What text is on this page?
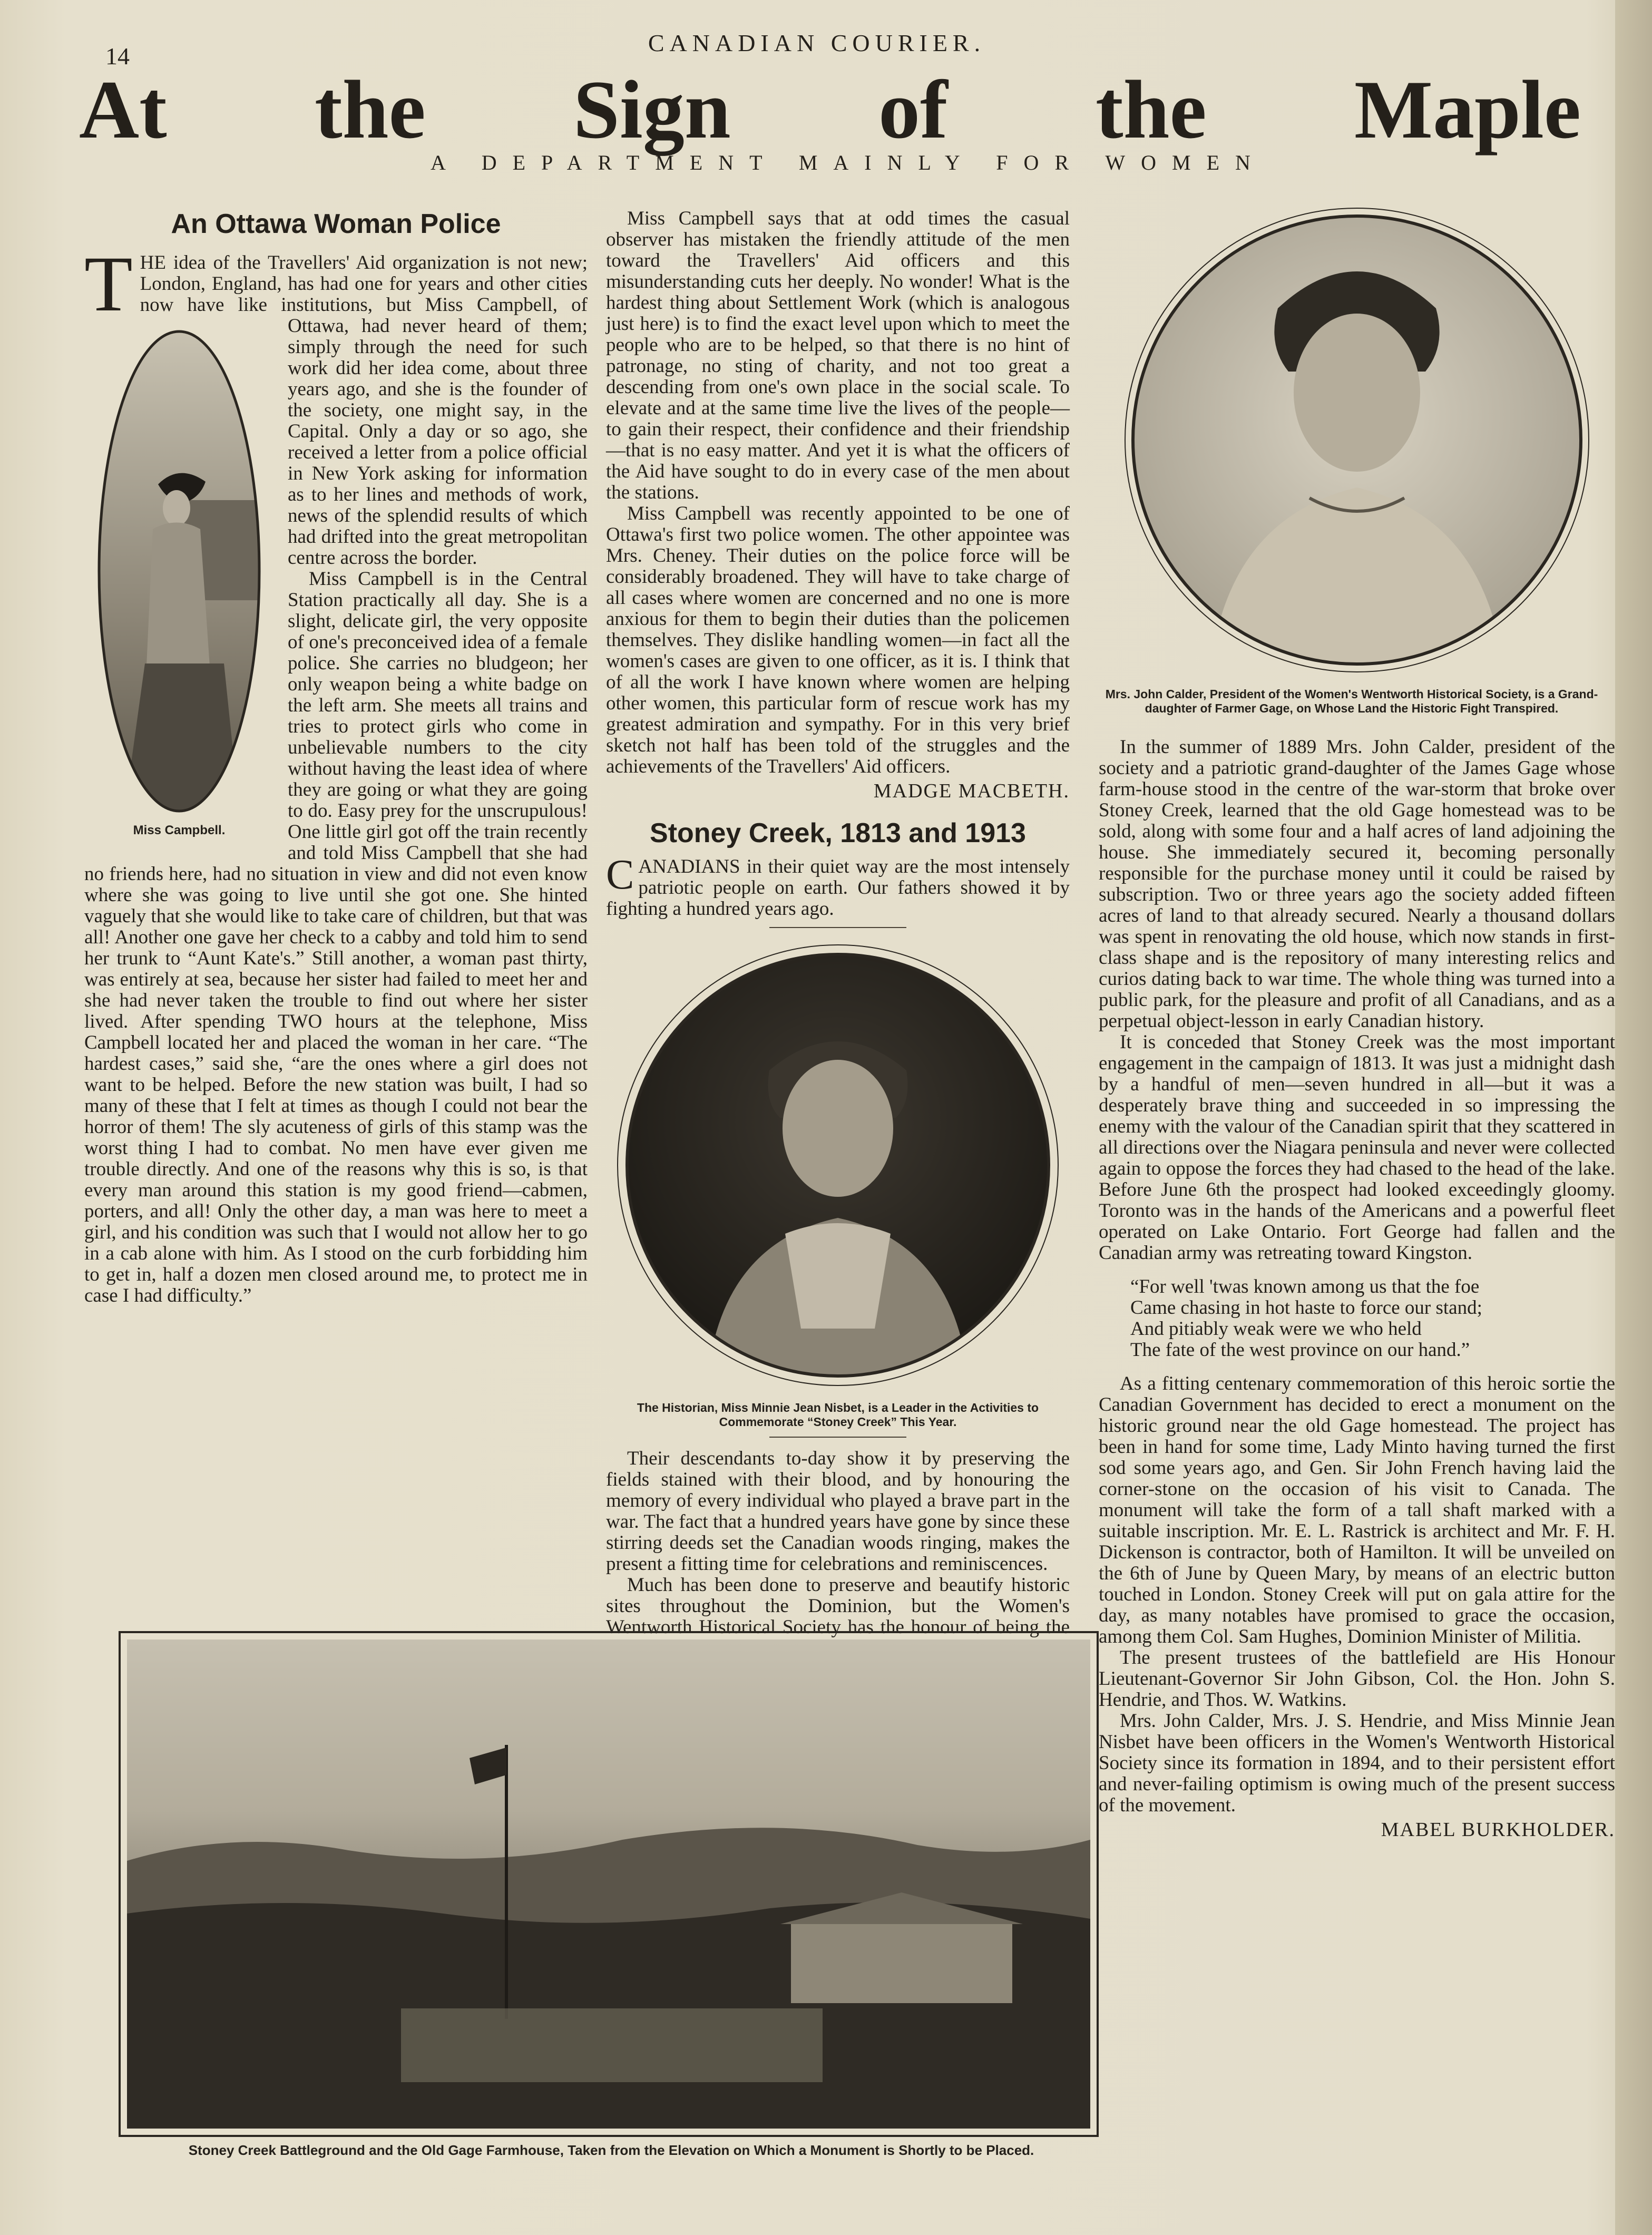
14	CANADIAN COURIER.
At the Sign of the Maple
A DEPARTMENT MAINLY FOR WOMEN
An Ottawa Woman Police
T
Miss Campbell.

HE idea of the Travellers' Aid organization is not new; London, England, has had one for years and other cities now have like institutions, but Miss Campbell, of Ottawa, had never heard of them; simply through the need for such work did her idea come, about three years ago, and she is the founder of the society, one might say, in the Capital. Only a day or so ago, she received a letter from a police official in New York asking for information as to her lines and methods of work, news of the splendid results of which had drifted into the great metropolitan centre across the border.

Miss Campbell is in the Central Station practically all day. She is a slight, delicate girl, the very opposite of one's preconceived idea of a female police. She carries no bludgeon; her only weapon being a white badge on the left arm. She meets all trains and tries to protect girls who come in unbelievable numbers to the city without having the least idea of where they are going or what they are going to do. Easy prey for the unscrupulous! One little girl got off the train recently and told Miss Campbell that she had no friends here, had no situation in view and did not even know where she was going to live until she got one. She hinted vaguely that she would like to take care of children, but that was all! Another one gave her check to a cabby and told him to send her trunk to “Aunt Kate's.” Still another, a woman past thirty, was entirely at sea, because her sister had failed to meet her and she had never taken the trouble to find out where her sister lived. After spending TWO hours at the telephone, Miss Campbell located her and placed the woman in her care. “The hardest cases,” said she, “are the ones where a girl does not want to be helped. Before the new station was built, I had so many of these that I felt at times as though I could not bear the horror of them! The sly acuteness of girls of this stamp was the worst thing I had to combat. No men have ever given me trouble directly. And one of the reasons why this is so, is that every man around this station is my good friend—cabmen, porters, and all! Only the other day, a man was here to meet a girl, and his condition was such that I would not allow her to go in a cab alone with him. As I stood on the curb forbidding him to get in, half a dozen men closed around me, to protect me in case I had difficulty.”

Miss Campbell says that at odd times the casual observer has mistaken the friendly attitude of the men toward the Travellers' Aid officers and this misunderstanding cuts her deeply. No wonder! What is the hardest thing about Settlement Work (which is analogous just here) is to find the exact level upon which to meet the people who are to be helped, so that there is no hint of patronage, no sting of charity, and not too great a descending from one's own place in the social scale. To elevate and at the same time live the lives of the people—to gain their respect, their confidence and their friendship—that is no easy matter. And yet it is what the officers of the Aid have sought to do in every case of the men about the stations.

Miss Campbell was recently appointed to be one of Ottawa's first two police women. The other appointee was Mrs. Cheney. Their duties on the police force will be considerably broadened. They will have to take charge of all cases where women are concerned and no one is more anxious for them to begin their duties than the policemen themselves. They dislike handling women—in fact all the women's cases are given to one officer, as it is. I think that of all the work I have known where women are helping other women, this particular form of rescue work has my greatest admiration and sympathy. For in this very brief sketch not half has been told of the struggles and the achievements of the Travellers' Aid officers.

MADGE MACBETH.
Stoney Creek, 1813 and 1913
C ANADIANS in their quiet way are the most intensely patriotic people on earth. Our fathers showed it by fighting a hundred years ago.

The Historian, Miss Minnie Jean Nisbet, is a Leader in the Activities to Commemorate “Stoney Creek” This Year.

Their descendants to-day show it by preserving the fields stained with their blood, and by honouring the memory of every individual who played a brave part in the war. The fact that a hundred years have gone by since these stirring deeds set the Canadian woods ringing, makes the present a fitting time for celebrations and reminiscences.

Much has been done to preserve and beautify historic sites throughout the Dominion, but the Women's Wentworth Historical Society has the honour of being the

Mrs. John Calder, President of the Women's Wentworth Historical Society, is a Grand-daughter of Farmer Gage, on Whose Land the Historic Fight Transpired.

In the summer of 1889 Mrs. John Calder, president of the society and a patriotic grand-daughter of the James Gage whose farm-house stood in the centre of the war-storm that broke over Stoney Creek, learned that the old Gage homestead was to be sold, along with some four and a half acres of land adjoining the house. She immediately secured it, becoming personally responsible for the purchase money until it could be raised by subscription. Two or three years ago the society added fifteen acres of land to that already secured. Nearly a thousand dollars was spent in renovating the old house, which now stands in first-class shape and is the repository of many interesting relics and curios dating back to war time. The whole thing was turned into a public park, for the pleasure and profit of all Canadians, and as a perpetual object-lesson in early Canadian history.

It is conceded that Stoney Creek was the most important engagement in the campaign of 1813. It was just a midnight dash by a handful of men—seven hundred in all—but it was a desperately brave thing and succeeded in so impressing the enemy with the valour of the Canadian spirit that they scattered in all directions over the Niagara peninsula and never were collected again to oppose the forces they had chased to the head of the lake. Before June 6th the prospect had looked exceedingly gloomy. Toronto was in the hands of the Americans and a powerful fleet operated on Lake Ontario. Fort George had fallen and the Canadian army was retreating toward Kingston.

“For well 'twas known among us that the foe
Came chasing in hot haste to force our stand;
And pitiably weak were we who held
The fate of the west province on our hand.”

As a fitting centenary commemoration of this heroic sortie the Canadian Government has decided to erect a monument on the historic ground near the old Gage homestead. The project has been in hand for some time, Lady Minto having turned the first sod some years ago, and Gen. Sir John French having laid the corner-stone on the occasion of his visit to Canada. The monument will take the form of a tall shaft marked with a suitable inscription. Mr. E. L. Rastrick is architect and Mr. F. H. Dickenson is contractor, both of Hamilton. It will be unveiled on the 6th of June by Queen Mary, by means of an electric button touched in London. Stoney Creek will put on gala attire for the day, as many notables have promised to grace the occasion, among them Col. Sam Hughes, Dominion Minister of Militia.

The present trustees of the battlefield are His Honour Lieutenant-Governor Sir John Gibson, Col. the Hon. John S. Hendrie, and Thos. W. Watkins.

Mrs. John Calder, Mrs. J. S. Hendrie, and Miss Minnie Jean Nisbet have been officers in the Women's Wentworth Historical Society since its formation in 1894, and to their persistent effort and never-failing optimism is owing much of the present success of the movement.

MABEL BURKHOLDER.
Stoney Creek Battleground and the Old Gage Farmhouse, Taken from the Elevation on Which a Monument is Shortly to be Placed.
